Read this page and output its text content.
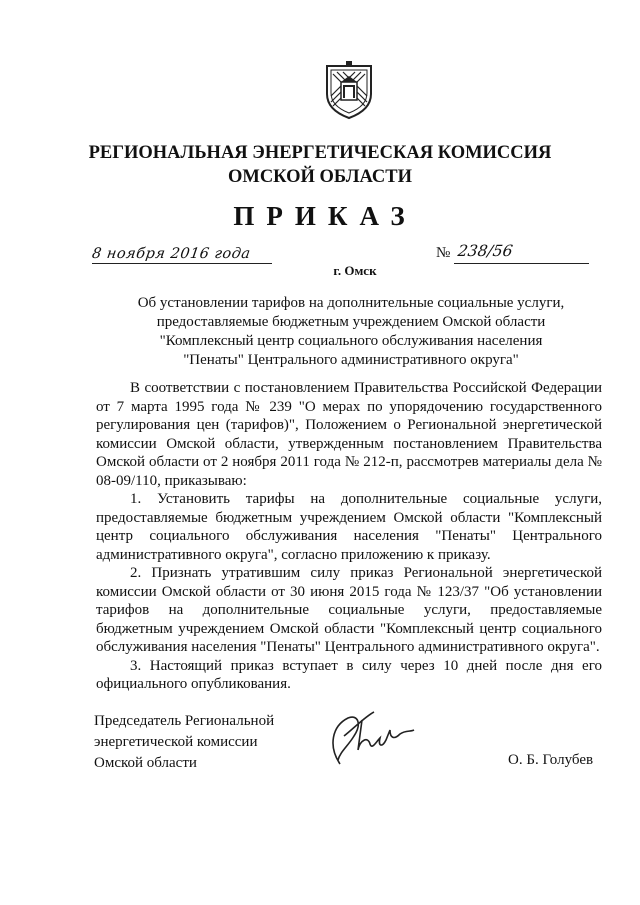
РЕГИОНАЛЬНАЯ ЭНЕРГЕТИЧЕСКАЯ КОМИССИЯ
ОМСКОЙ ОБЛАСТИ
ПРИКАЗ
8 ноября 2016 года	№ 238/56
г. Омск
Об установлении тарифов на дополнительные социальные услуги,
предоставляемые бюджетным учреждением Омской области
"Комплексный центр социального обслуживания населения
"Пенаты" Центрального административного округа"

В соответствии с постановлением Правительства Российской Федерации от 7 марта 1995 года № 239 "О мерах по упорядочению государственного регулирования цен (тарифов)", Положением о Региональной энергетической комиссии Омской области, утвержденным постановлением Правительства Омской области от 2 ноября 2011 года № 212-п, рассмотрев материалы дела № 08-09/110, приказываю:

1. Установить тарифы на дополнительные социальные услуги, предоставляемые бюджетным учреждением Омской области "Комплексный центр социального обслуживания населения "Пенаты" Центрального административного округа", согласно приложению к приказу.

2. Признать утратившим силу приказ Региональной энергетической комиссии Омской области от 30 июня 2015 года № 123/37 "Об установлении тарифов на дополнительные социальные услуги, предоставляемые бюджетным учреждением Омской области "Комплексный центр социального обслуживания населения "Пенаты" Центрального административного округа".

3. Настоящий приказ вступает в силу через 10 дней после дня его официального опубликования.

Председатель Региональной
энергетической комиссии
Омской области	О. Б. Голубев
